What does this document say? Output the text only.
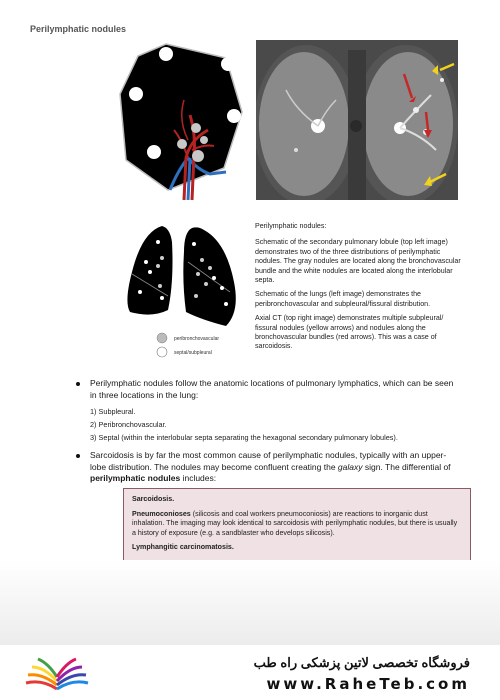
Perilymphatic nodules
peribronchovascular
septal/subpleural

Perilymphatic nodules:

Schematic of the secondary pulmonary lobule (top left image) demonstrates two of the three distributions of perilymphatic nodules. The gray nodules are located along the bronchovascular bundle and the white nodules are located along the interlobular septa.

Schematic of the lungs (left image) demonstrates the peribronchovascular and subpleural/fissural distribution.

Axial CT (top right image) demonstrates multiple subpleural/ fissural nodules (yellow arrows) and nodules along the bronchovascular bundles (red arrows). This was a case of sarcoidosis.

Perilymphatic nodules follow the anatomic locations of pulmonary lymphatics, which can be seen in three locations in the lung:
1) Subpleural.
2) Peribronchovascular.
3) Septal (within the interlobular septa separating the hexagonal secondary pulmonary lobules).
Sarcoidosis is by far the most common cause of perilymphatic nodules, typically with an upper-lobe distribution. The nodules may become confluent creating the galaxy sign. The differential of perilymphatic nodules includes:

Sarcoidosis.

Pneumoconioses (silicosis and coal workers pneumoconiosis) are reactions to inorganic dust inhalation. The imaging may look identical to sarcoidosis with perilymphatic nodules, but there is usually a history of exposure (e.g. a sandblaster who develops silicosis).

Lymphangitic carcinomatosis.

فروشگاه تخصصی لاتین پزشکی راه طب
www.RaheTeb.com
